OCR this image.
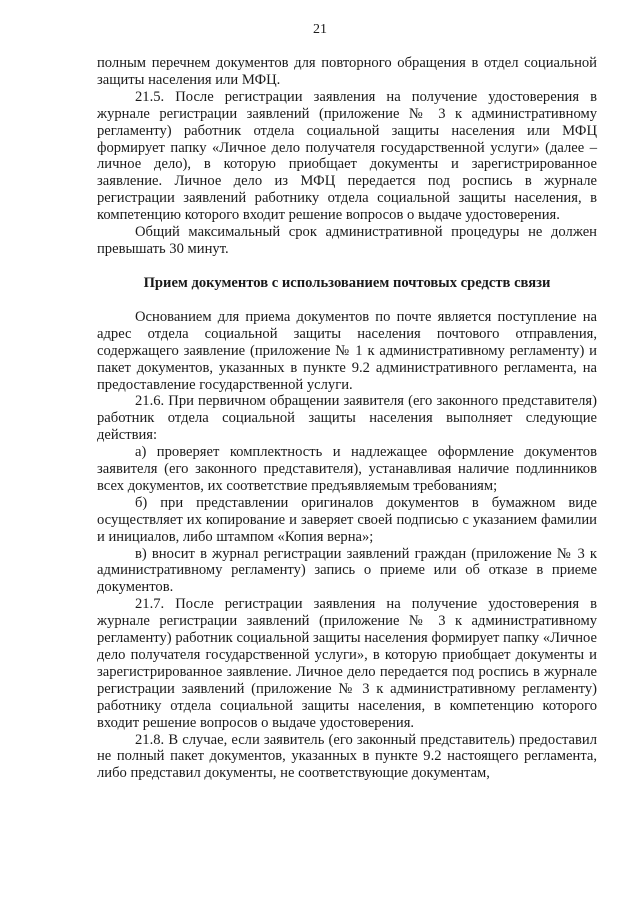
21

полным перечнем документов для повторного обращения в отдел социальной защиты населения или МФЦ.

21.5. После регистрации заявления на получение удостоверения в журнале регистрации заявлений (приложение № 3 к административному регламенту) работник отдела социальной защиты населения или МФЦ формирует папку «Личное дело получателя государственной услуги» (далее – личное дело), в которую приобщает документы и зарегистрированное заявление. Личное дело из МФЦ передается под роспись в журнале регистрации заявлений работнику отдела социальной защиты населения, в компетенцию которого входит решение вопросов о выдаче удостоверения.

Общий максимальный срок административной процедуры не должен превышать 30 минут.

Прием документов с использованием почтовых средств связи

Основанием для приема документов по почте является поступление на адрес отдела социальной защиты населения почтового отправления, содержащего заявление (приложение № 1 к административному регламенту) и пакет документов, указанных в пункте 9.2 административного регламента, на предоставление государственной услуги.

21.6. При первичном обращении заявителя (его законного представителя) работник отдела социальной защиты населения выполняет следующие действия:

а) проверяет комплектность и надлежащее оформление документов заявителя (его законного представителя), устанавливая наличие подлинников всех документов, их соответствие предъявляемым требованиям;

б) при представлении оригиналов документов в бумажном виде осуществляет их копирование и заверяет своей подписью с указанием фамилии и инициалов, либо штампом «Копия верна»;

в) вносит в журнал регистрации заявлений граждан (приложение № 3 к административному регламенту) запись о приеме или об отказе в приеме документов.

21.7. После регистрации заявления на получение удостоверения в журнале регистрации заявлений (приложение № 3 к административному регламенту) работник социальной защиты населения формирует папку «Личное дело получателя государственной услуги», в которую приобщает документы и зарегистрированное заявление. Личное дело передается под роспись в журнале регистрации заявлений (приложение № 3 к административному регламенту) работнику отдела социальной защиты населения, в компетенцию которого входит решение вопросов о выдаче удостоверения.

21.8. В случае, если заявитель (его законный представитель) предоставил не полный пакет документов, указанных в пункте 9.2 настоящего регламента, либо представил документы, не соответствующие документам,
